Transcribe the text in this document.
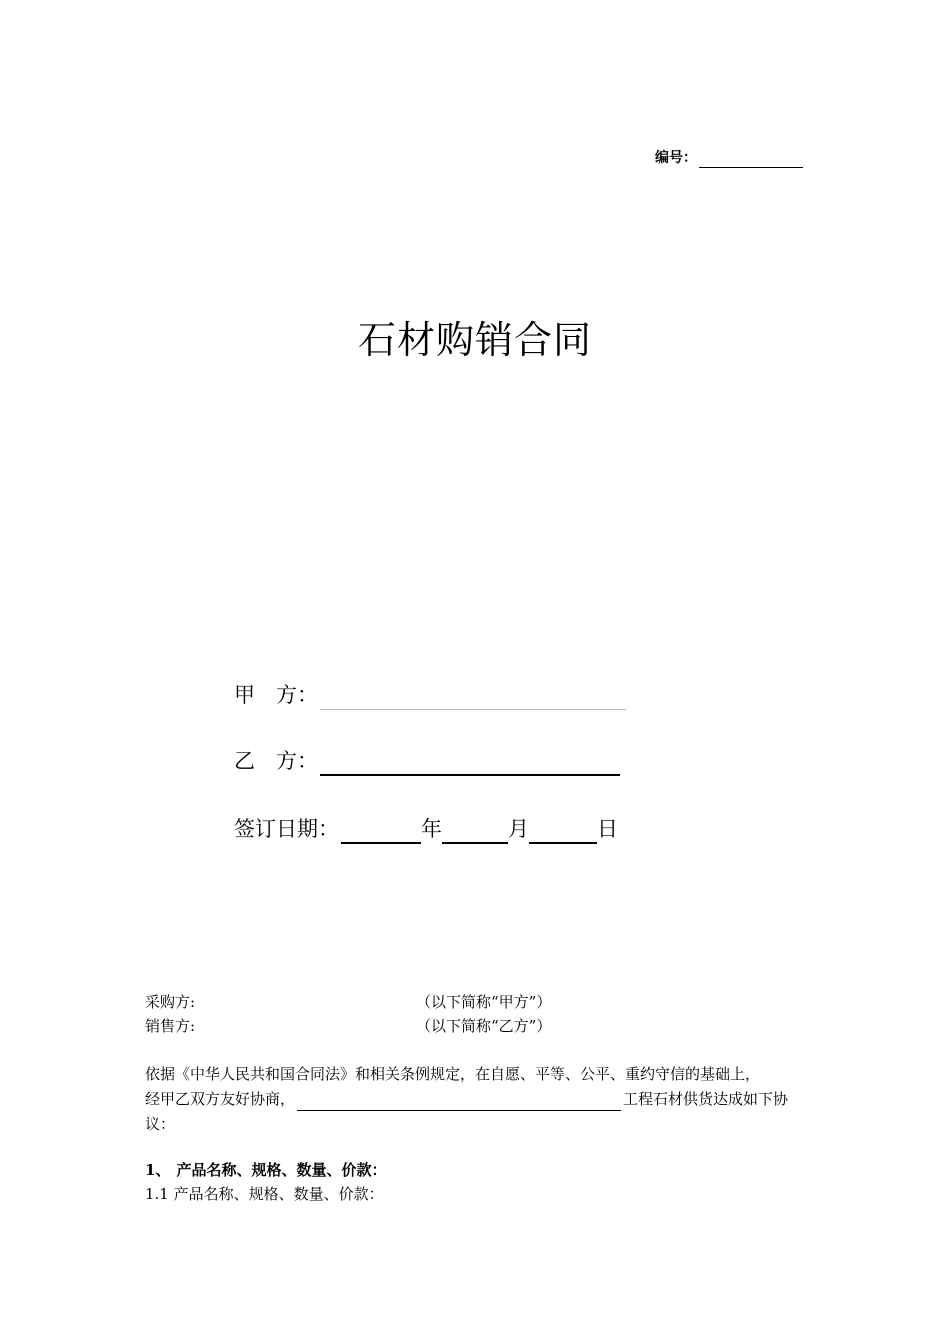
编号：
石材购销合同
甲　方：
乙　方：
签订日期：	年	月	日
采购方:	（以下简称“甲方”）
销售方:	（以下简称“乙方”）
依据《中华人民共和国合同法》和相关条例规定，在自愿、平等、公平、重约守信的基础上，
经甲乙双方友好协商，	工程石材供货达成如下协
议：
1、 产品名称、规格、数量、价款：
1.1 产品名称、规格、数量、价款：
